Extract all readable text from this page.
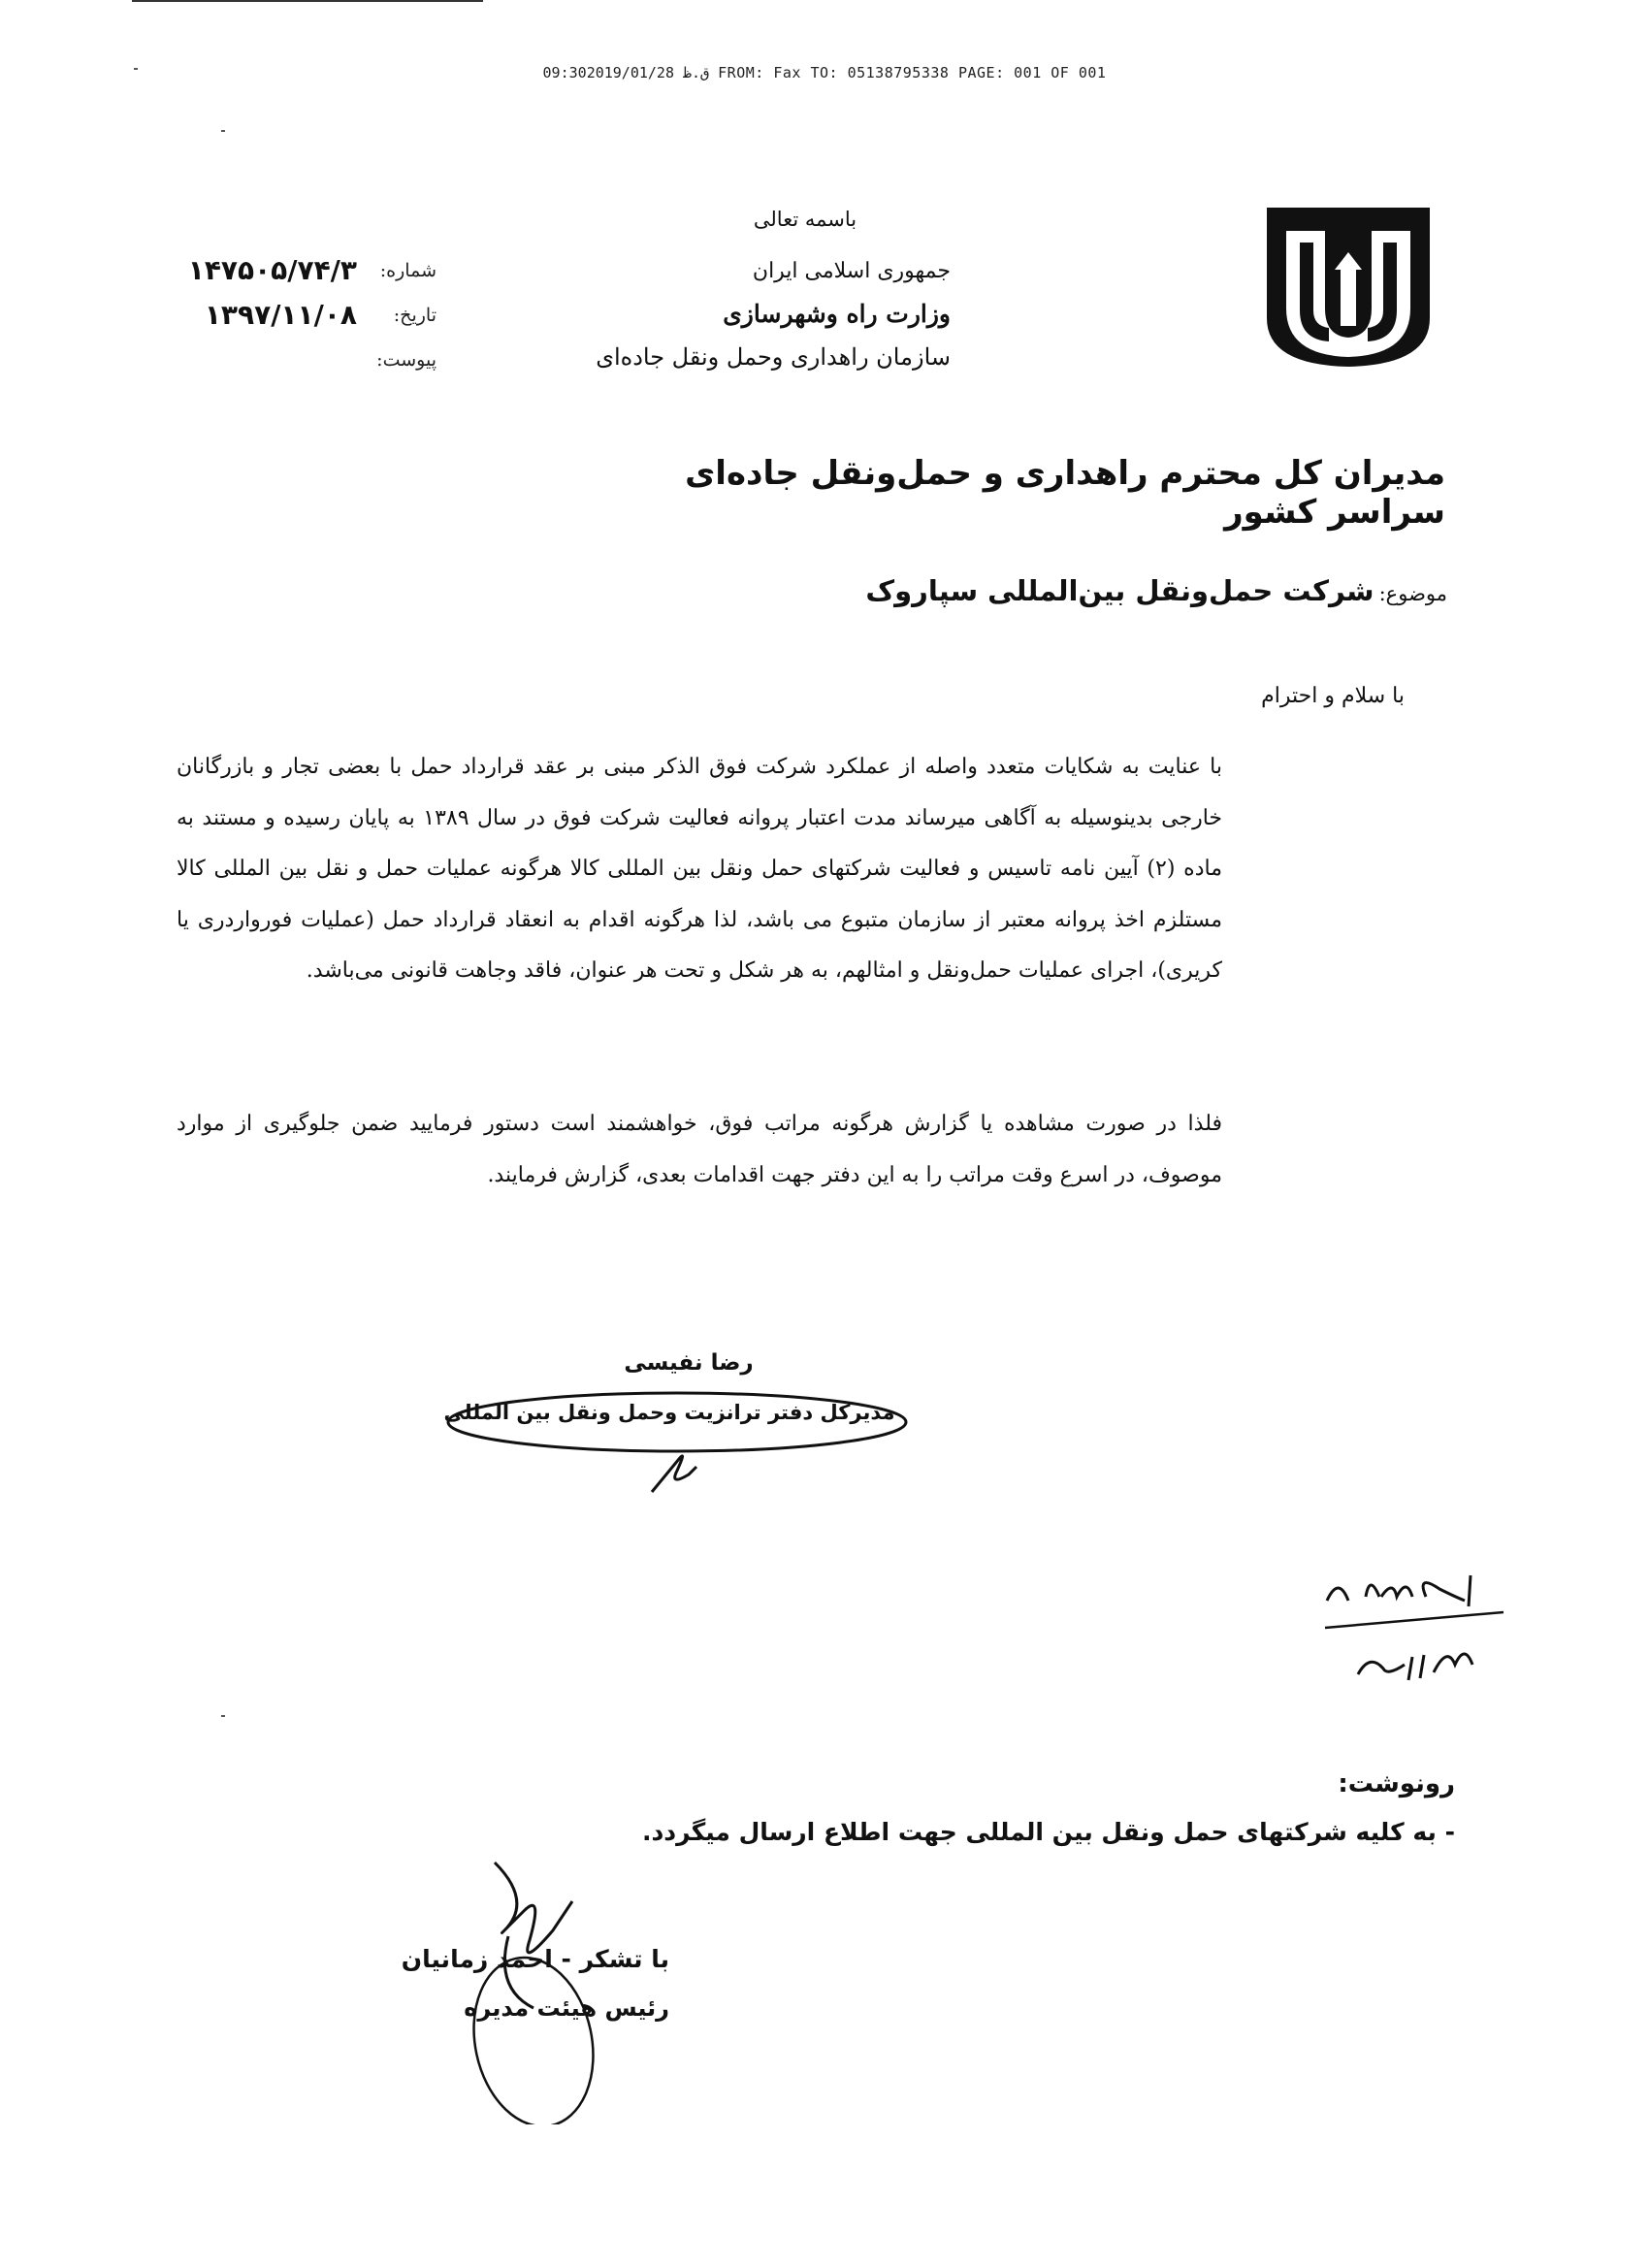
09:30ق.ظ 2019/01/28 FROM: Fax TO: 05138795338 PAGE: 001 OF 001
باسمه تعالی
جمهوری اسلامی ایران
وزارت راه وشهرسازی
سازمان راهداری وحمل ونقل جاده‌ای
شماره:
۱۴۷۵۰۵/۷۴/۳
تاریخ:
۱۳۹۷/۱۱/۰۸
پیوست:
مدیران کل محترم راهداری و حمل‌ونقل جاده‌ای سراسر کشور
موضوع: شرکت حمل‌ونقل بین‌المللی سپاروک
با سلام و احترام
با عنایت به شکایات متعدد واصله از عملکرد شرکت فوق الذکر مبنی بر عقد قرارداد حمل با بعضی تجار و بازرگانان خارجی بدینوسیله به آگاهی میرساند مدت اعتبار پروانه فعالیت شرکت فوق در سال ۱۳۸۹ به پایان رسیده و مستند به ماده (۲) آیین نامه تاسیس و فعالیت شرکتهای حمل ونقل بین المللی کالا هرگونه عملیات حمل و نقل بین المللی کالا مستلزم اخذ پروانه معتبر از سازمان متبوع می باشد، لذا هرگونه اقدام به انعقاد قرارداد حمل (عملیات فورواردری یا کریری)، اجرای عملیات حمل‌ونقل و امثالهم، به هر شکل و تحت هر عنوان، فاقد وجاهت قانونی می‌باشد.
فلذا در صورت مشاهده یا گزارش هرگونه مراتب فوق، خواهشمند است دستور فرمایید ضمن جلوگیری از موارد موصوف، در اسرع وقت مراتب را به این دفتر جهت اقدامات بعدی، گزارش فرمایند.
رضا نفیسی
مدیرکل دفتر ترانزیت وحمل ونقل بین المللی
رونوشت:
- به کلیه شرکتهای حمل ونقل بین المللی جهت اطلاع ارسال میگردد.
با تشکر - احمد زمانیان
رئیس هیئت مدیره
